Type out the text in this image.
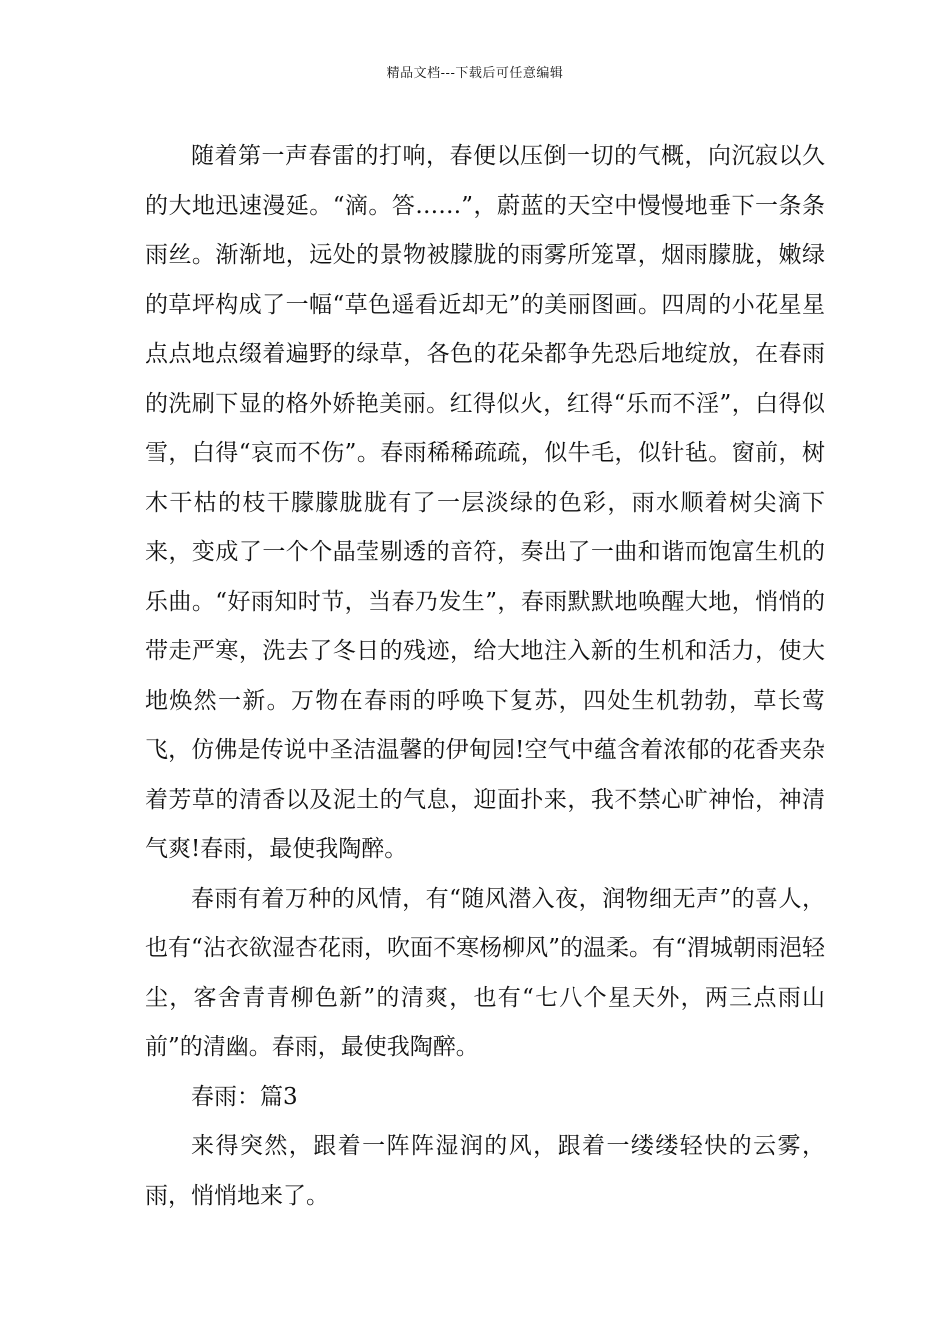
精品文档---下载后可任意编辑

随着第一声春雷的打响，春便以压倒一切的气概，向沉寂以久的大地迅速漫延。“滴。答……”，蔚蓝的天空中慢慢地垂下一条条雨丝。渐渐地，远处的景物被朦胧的雨雾所笼罩，烟雨朦胧，嫩绿的草坪构成了一幅“草色遥看近却无”的美丽图画。四周的小花星星点点地点缀着遍野的绿草，各色的花朵都争先恐后地绽放，在春雨的洗刷下显的格外娇艳美丽。红得似火，红得“乐而不淫”，白得似雪，白得“哀而不伤”。春雨稀稀疏疏，似牛毛，似针毡。窗前，树木干枯的枝干朦朦胧胧有了一层淡绿的色彩，雨水顺着树尖滴下来，变成了一个个晶莹剔透的音符，奏出了一曲和谐而饱富生机的乐曲。“好雨知时节，当春乃发生”，春雨默默地唤醒大地，悄悄的带走严寒，洗去了冬日的残迹，给大地注入新的生机和活力，使大地焕然一新。万物在春雨的呼唤下复苏，四处生机勃勃，草长莺飞，仿佛是传说中圣洁温馨的伊甸园!空气中蕴含着浓郁的花香夹杂着芳草的清香以及泥土的气息，迎面扑来，我不禁心旷神怡，神清气爽!春雨，最使我陶醉。

春雨有着万种的风情，有“随风潜入夜，润物细无声”的喜人，也有“沾衣欲湿杏花雨，吹面不寒杨柳风”的温柔。有“渭城朝雨浥轻尘，客舍青青柳色新”的清爽，也有“七八个星天外，两三点雨山前”的清幽。春雨，最使我陶醉。

春雨：篇3

来得突然，跟着一阵阵湿润的风，跟着一缕缕轻快的云雾，雨，悄悄地来了。
